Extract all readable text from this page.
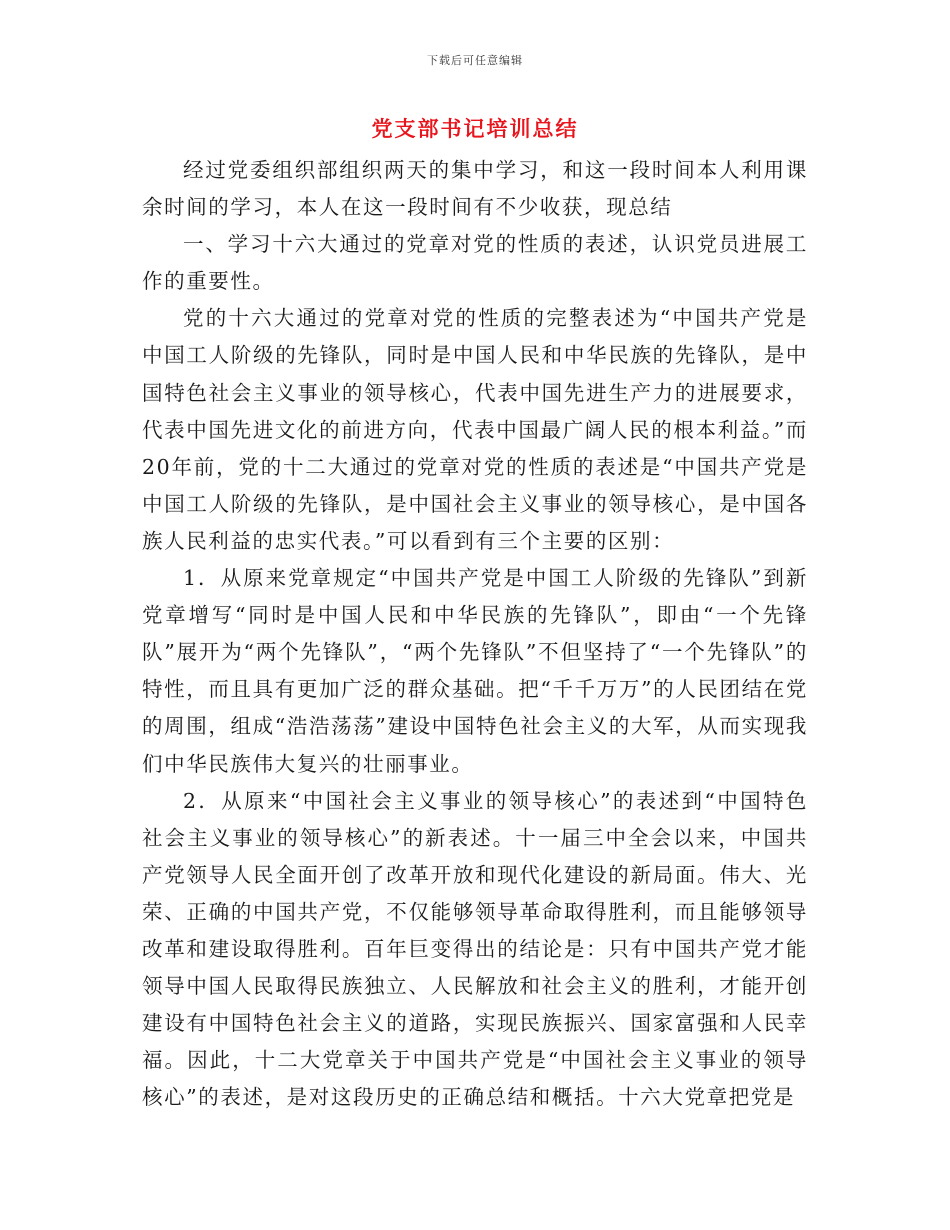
下载后可任意编辑
党支部书记培训总结

经过党委组织部组织两天的集中学习，和这一段时间本人利用课余时间的学习，本人在这一段时间有不少收获，现总结

一、学习十六大通过的党章对党的性质的表述，认识党员进展工作的重要性。

党的十六大通过的党章对党的性质的完整表述为“中国共产党是中国工人阶级的先锋队，同时是中国人民和中华民族的先锋队，是中国特色社会主义事业的领导核心，代表中国先进生产力的进展要求，代表中国先进文化的前进方向，代表中国最广阔人民的根本利益。”而20年前，党的十二大通过的党章对党的性质的表述是“中国共产党是中国工人阶级的先锋队，是中国社会主义事业的领导核心，是中国各族人民利益的忠实代表。”可以看到有三个主要的区别：

1．从原来党章规定“中国共产党是中国工人阶级的先锋队”到新党章增写“同时是中国人民和中华民族的先锋队”，即由“一个先锋队”展开为“两个先锋队”，“两个先锋队”不但坚持了“一个先锋队”的特性，而且具有更加广泛的群众基础。把“千千万万”的人民团结在党的周围，组成“浩浩荡荡”建设中国特色社会主义的大军，从而实现我们中华民族伟大复兴的壮丽事业。

2．从原来“中国社会主义事业的领导核心”的表述到“中国特色社会主义事业的领导核心”的新表述。十一届三中全会以来，中国共产党领导人民全面开创了改革开放和现代化建设的新局面。伟大、光荣、正确的中国共产党，不仅能够领导革命取得胜利，而且能够领导改革和建设取得胜利。百年巨变得出的结论是：只有中国共产党才能领导中国人民取得民族独立、人民解放和社会主义的胜利，才能开创建设有中国特色社会主义的道路，实现民族振兴、国家富强和人民幸福。因此，十二大党章关于中国共产党是“中国社会主义事业的领导核心”的表述，是对这段历史的正确总结和概括。十六大党章把党是
